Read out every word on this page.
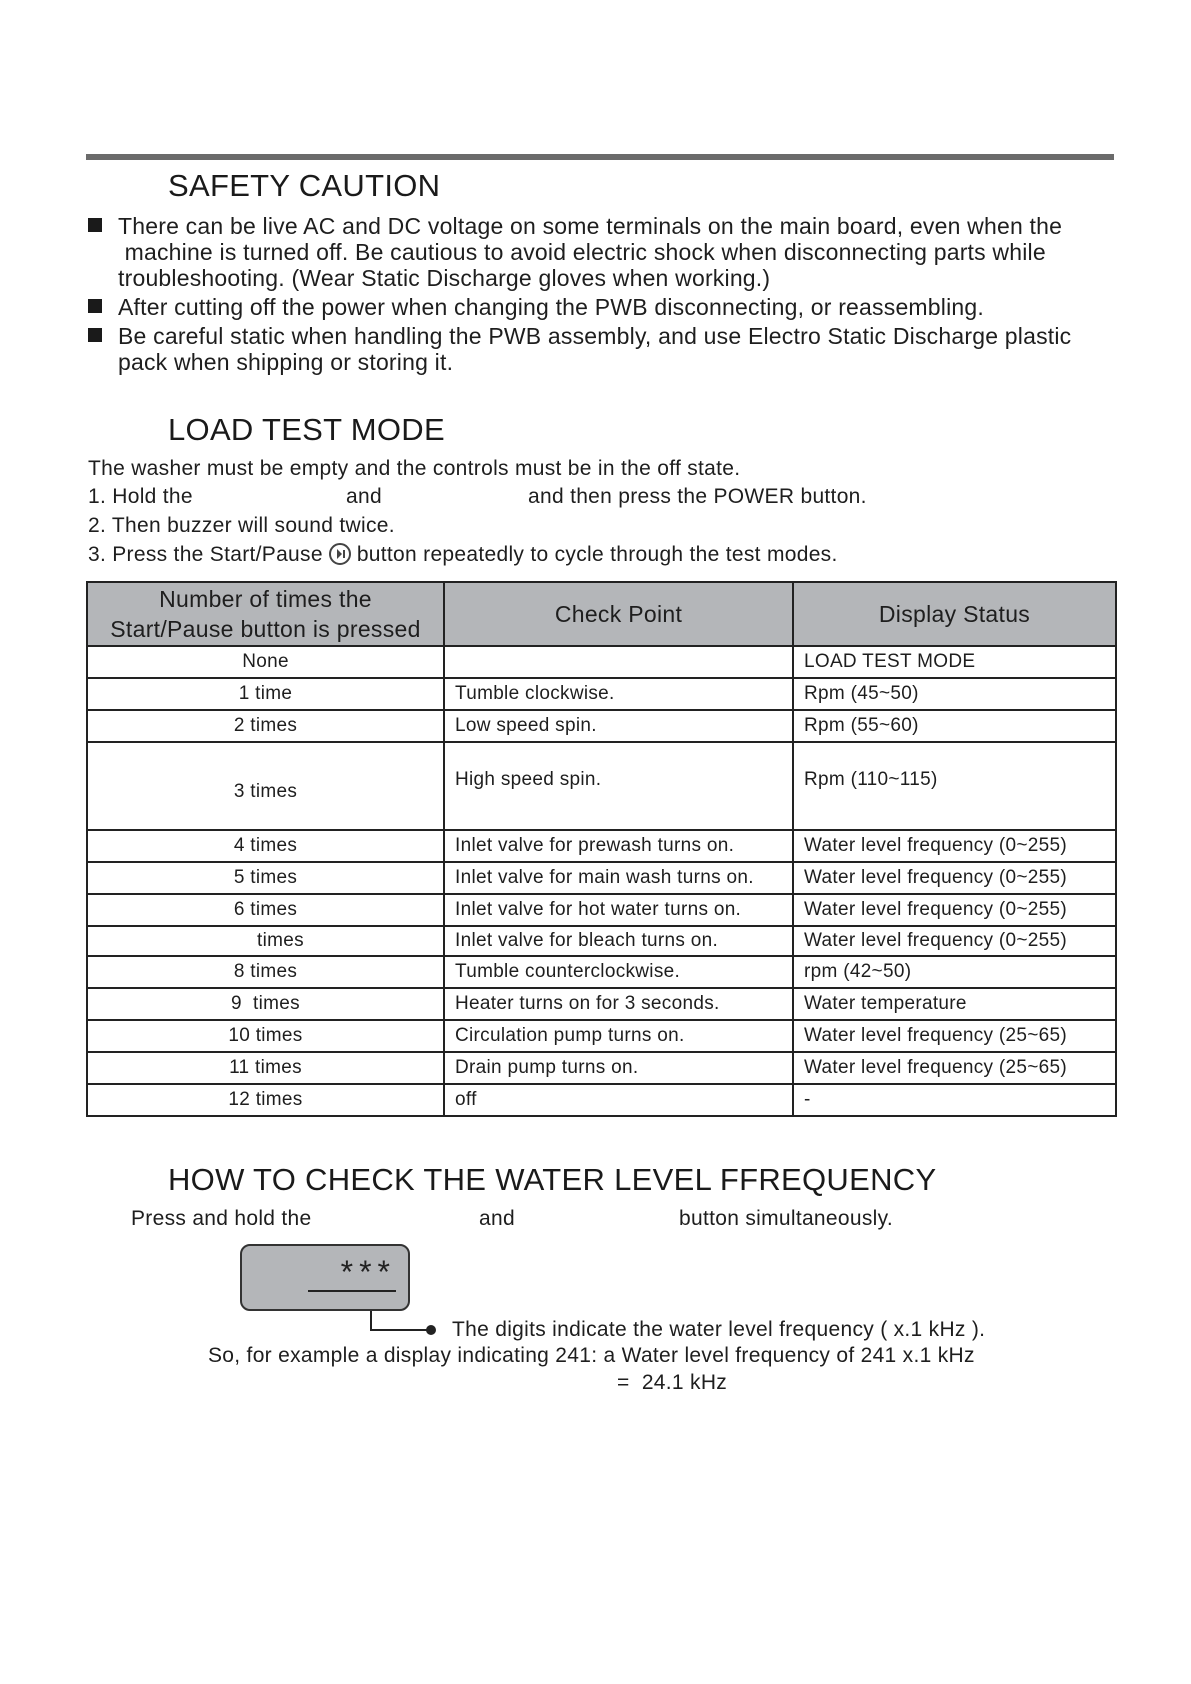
SAFETY CAUTION
There can be live AC and DC voltage on some terminals on the main board, even when the
machine is turned off. Be cautious to avoid electric shock when disconnecting parts while
troubleshooting. (Wear Static Discharge gloves when working.)
After cutting off the power when changing the PWB disconnecting, or reassembling.
Be careful static when handling the PWB assembly, and use Electro Static Discharge plastic
pack when shipping or storing it.
LOAD TEST MODE
The washer must be empty and the controls must be in the off state.
1. Hold the	and	and then press the POWER button.
2. Then buzzer will sound twice.
3. Press the Start/Pause button repeatedly to cycle through the test modes.
Number of times the Start/Pause button is pressed	Check Point	Display Status
None		LOAD TEST MODE
1 time	Tumble clockwise.	Rpm (45~50)
2 times	Low speed spin.	Rpm (55~60)
3 times	High speed spin.	Rpm (110~115)
4 times	Inlet valve for prewash turns on.	Water level frequency (0~255)
5 times	Inlet valve for main wash turns on.	Water level frequency (0~255)
6 times	Inlet valve for hot water turns on.	Water level frequency (0~255)
times	Inlet valve for bleach turns on.	Water level frequency (0~255)
8 times	Tumble counterclockwise.	rpm (42~50)
9  times	Heater turns on for 3 seconds.	Water temperature
10 times	Circulation pump turns on.	Water level frequency (25~65)
11 times	Drain pump turns on.	Water level frequency (25~65)
12 times	off	-
HOW TO CHECK THE WATER LEVEL FFREQUENCY
Press and hold the	and	button simultaneously.
***
The digits indicate the water level frequency ( x.1 kHz ).
So, for example a display indicating 241: a Water level frequency of 241 x.1 kHz
=  24.1 kHz
